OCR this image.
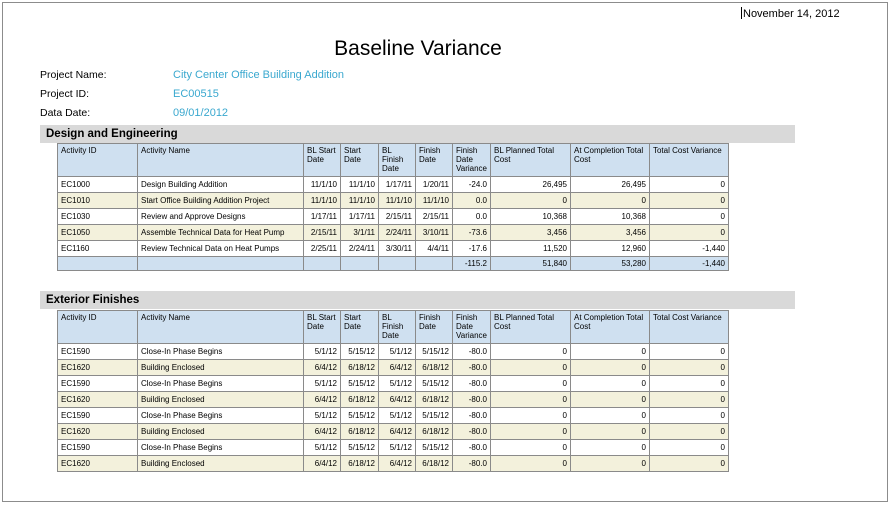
November 14, 2012
Baseline Variance
Project Name:	City Center Office Building Addition
Project ID:	EC00515
Data Date:	09/01/2012
Design and Engineering
Activity ID	Activity Name	BL Start Date	Start Date	BL Finish Date	Finish Date	Finish Date Variance	BL Planned Total Cost	At Completion Total Cost	Total Cost Variance
EC1000	Design Building Addition	11/1/10	11/1/10	1/17/11	1/20/11	-24.0	26,495	26,495	0
EC1010	Start Office Building Addition Project	11/1/10	11/1/10	11/1/10	11/1/10	0.0	0	0	0
EC1030	Review and Approve Designs	1/17/11	1/17/11	2/15/11	2/15/11	0.0	10,368	10,368	0
EC1050	Assemble Technical Data for Heat Pump	2/15/11	3/1/11	2/24/11	3/10/11	-73.6	3,456	3,456	0
EC1160	Review Technical Data on Heat Pumps	2/25/11	2/24/11	3/30/11	4/4/11	-17.6	11,520	12,960	-1,440
						-115.2	51,840	53,280	-1,440
Exterior Finishes
Activity ID	Activity Name	BL Start Date	Start Date	BL Finish Date	Finish Date	Finish Date Variance	BL Planned Total Cost	At Completion Total Cost	Total Cost Variance
EC1590	Close-In Phase Begins	5/1/12	5/15/12	5/1/12	5/15/12	-80.0	0	0	0
EC1620	Building Enclosed	6/4/12	6/18/12	6/4/12	6/18/12	-80.0	0	0	0
EC1590	Close-In Phase Begins	5/1/12	5/15/12	5/1/12	5/15/12	-80.0	0	0	0
EC1620	Building Enclosed	6/4/12	6/18/12	6/4/12	6/18/12	-80.0	0	0	0
EC1590	Close-In Phase Begins	5/1/12	5/15/12	5/1/12	5/15/12	-80.0	0	0	0
EC1620	Building Enclosed	6/4/12	6/18/12	6/4/12	6/18/12	-80.0	0	0	0
EC1590	Close-In Phase Begins	5/1/12	5/15/12	5/1/12	5/15/12	-80.0	0	0	0
EC1620	Building Enclosed	6/4/12	6/18/12	6/4/12	6/18/12	-80.0	0	0	0
